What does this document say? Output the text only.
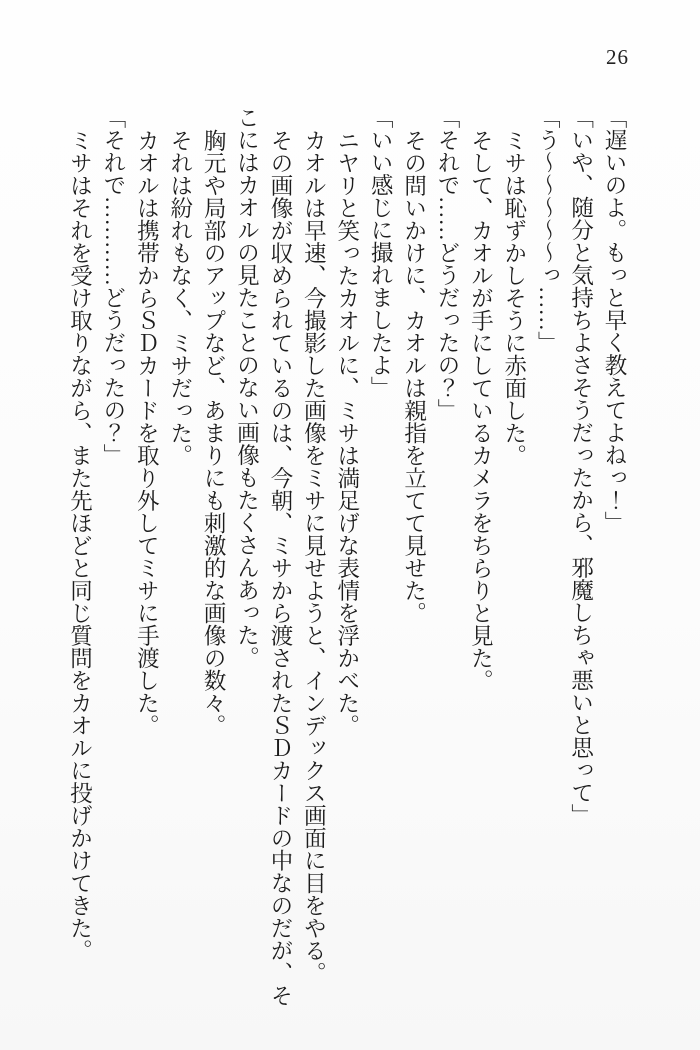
26
「遅いのよ。もっと早く教えてよねっ！」
「いや、随分と気持ちよさそうだったから、邪魔しちゃ悪いと思って」
「う～～～～～っ……」
ミサは恥ずかしそうに赤面した。
そして、カオルが手にしているカメラをちらりと見た。
「それで……どうだったの？」
その問いかけに、カオルは親指を立てて見せた。
「いい感じに撮れましたよ」
ニヤリと笑ったカオルに、ミサは満足げな表情を浮かべた。
カオルは早速、今撮影した画像をミサに見せようと、インデックス画面に目をやる。
その画像が収められているのは、今朝、ミサから渡されたＳＤカードの中なのだが、そ
こにはカオルの見たことのない画像もたくさんあった。
胸元や局部のアップなど、あまりにも刺激的な画像の数々。
それは紛れもなく、ミサだった。
カオルは携帯からＳＤカードを取り外してミサに手渡した。
「それで…………どうだったの？」
ミサはそれを受け取りながら、また先ほどと同じ質問をカオルに投げかけてきた。
